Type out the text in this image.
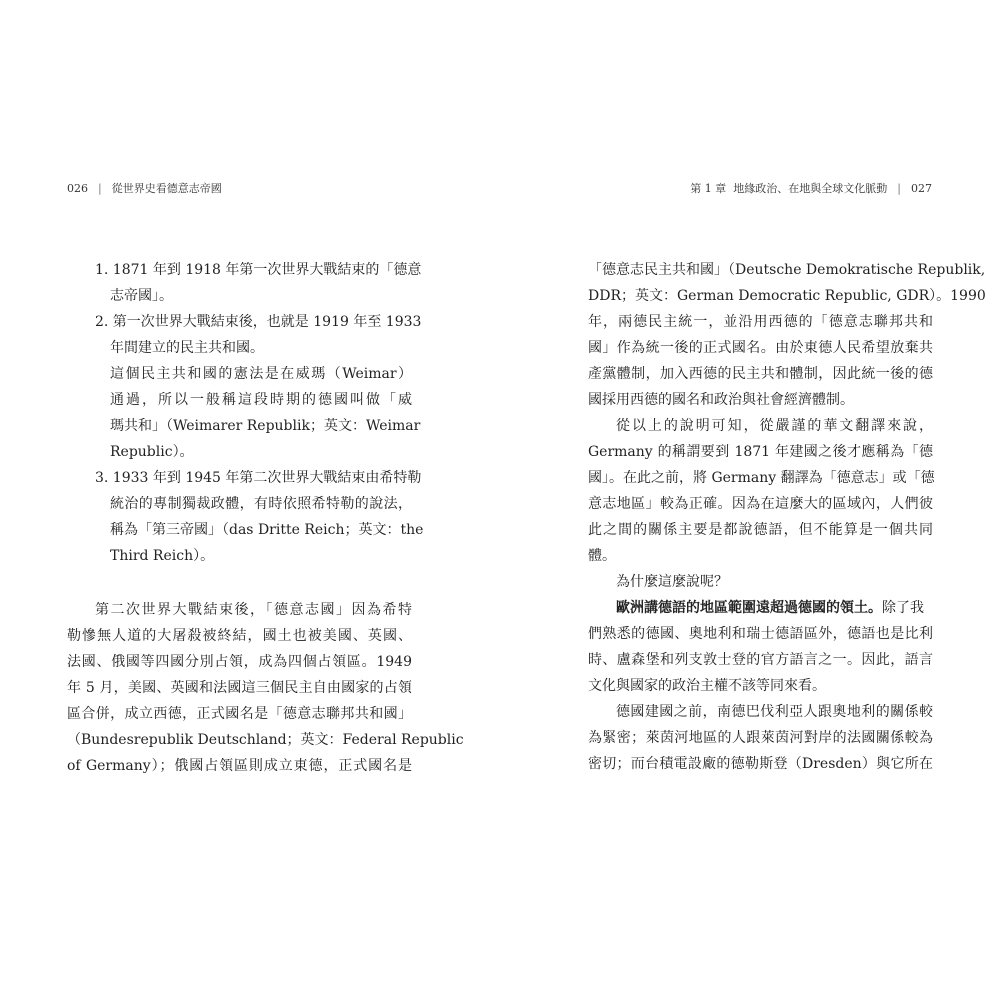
026 | 從世界史看德意志帝國	第 1 章 地緣政治、在地與全球文化脈動 | 027
1. 1871 年到 1918 年第一次世界大戰結束的「德意
志帝國」。
2. 第一次世界大戰結束後，也就是 1919 年至 1933
年間建立的民主共和國。
這個民主共和國的憲法是在威瑪（Weimar）
通過，所以一般稱這段時期的德國叫做「威
瑪共和」（Weimarer Republik；英文：Weimar
Republic）。
3. 1933 年到 1945 年第二次世界大戰結束由希特勒
統治的專制獨裁政體，有時依照希特勒的說法，
稱為「第三帝國」（das Dritte Reich；英文：the
Third Reich）。
第二次世界大戰結束後，「德意志國」因為希特
勒慘無人道的大屠殺被終結，國土也被美國、英國、
法國、俄國等四國分別占領，成為四個占領區。1949
年 5 月，美國、英國和法國這三個民主自由國家的占領
區合併，成立西德，正式國名是「德意志聯邦共和國」
（Bundesrepublik Deutschland；英文：Federal Republic
of Germany）；俄國占領區則成立東德，正式國名是
「德意志民主共和國」（Deutsche Demokratische Republik,
DDR；英文：German Democratic Republic, GDR）。1990
年，兩德民主統一，並沿用西德的「德意志聯邦共和
國」作為統一後的正式國名。由於東德人民希望放棄共
產黨體制，加入西德的民主共和體制，因此統一後的德
國採用西德的國名和政治與社會經濟體制。
從以上的說明可知，從嚴謹的華文翻譯來說，
Germany 的稱謂要到 1871 年建國之後才應稱為「德
國」。在此之前，將 Germany 翻譯為「德意志」或「德
意志地區」較為正確。因為在這麼大的區域內，人們彼
此之間的關係主要是都說德語，但不能算是一個共同
體。
為什麼這麼說呢？
歐洲講德語的地區範圍遠超過德國的領土。除了我
們熟悉的德國、奧地利和瑞士德語區外，德語也是比利
時、盧森堡和列支敦士登的官方語言之一。因此，語言
文化與國家的政治主權不該等同來看。
德國建國之前，南德巴伐利亞人跟奧地利的關係較
為緊密；萊茵河地區的人跟萊茵河對岸的法國關係較為
密切；而台積電設廠的德勒斯登（Dresden）與它所在
